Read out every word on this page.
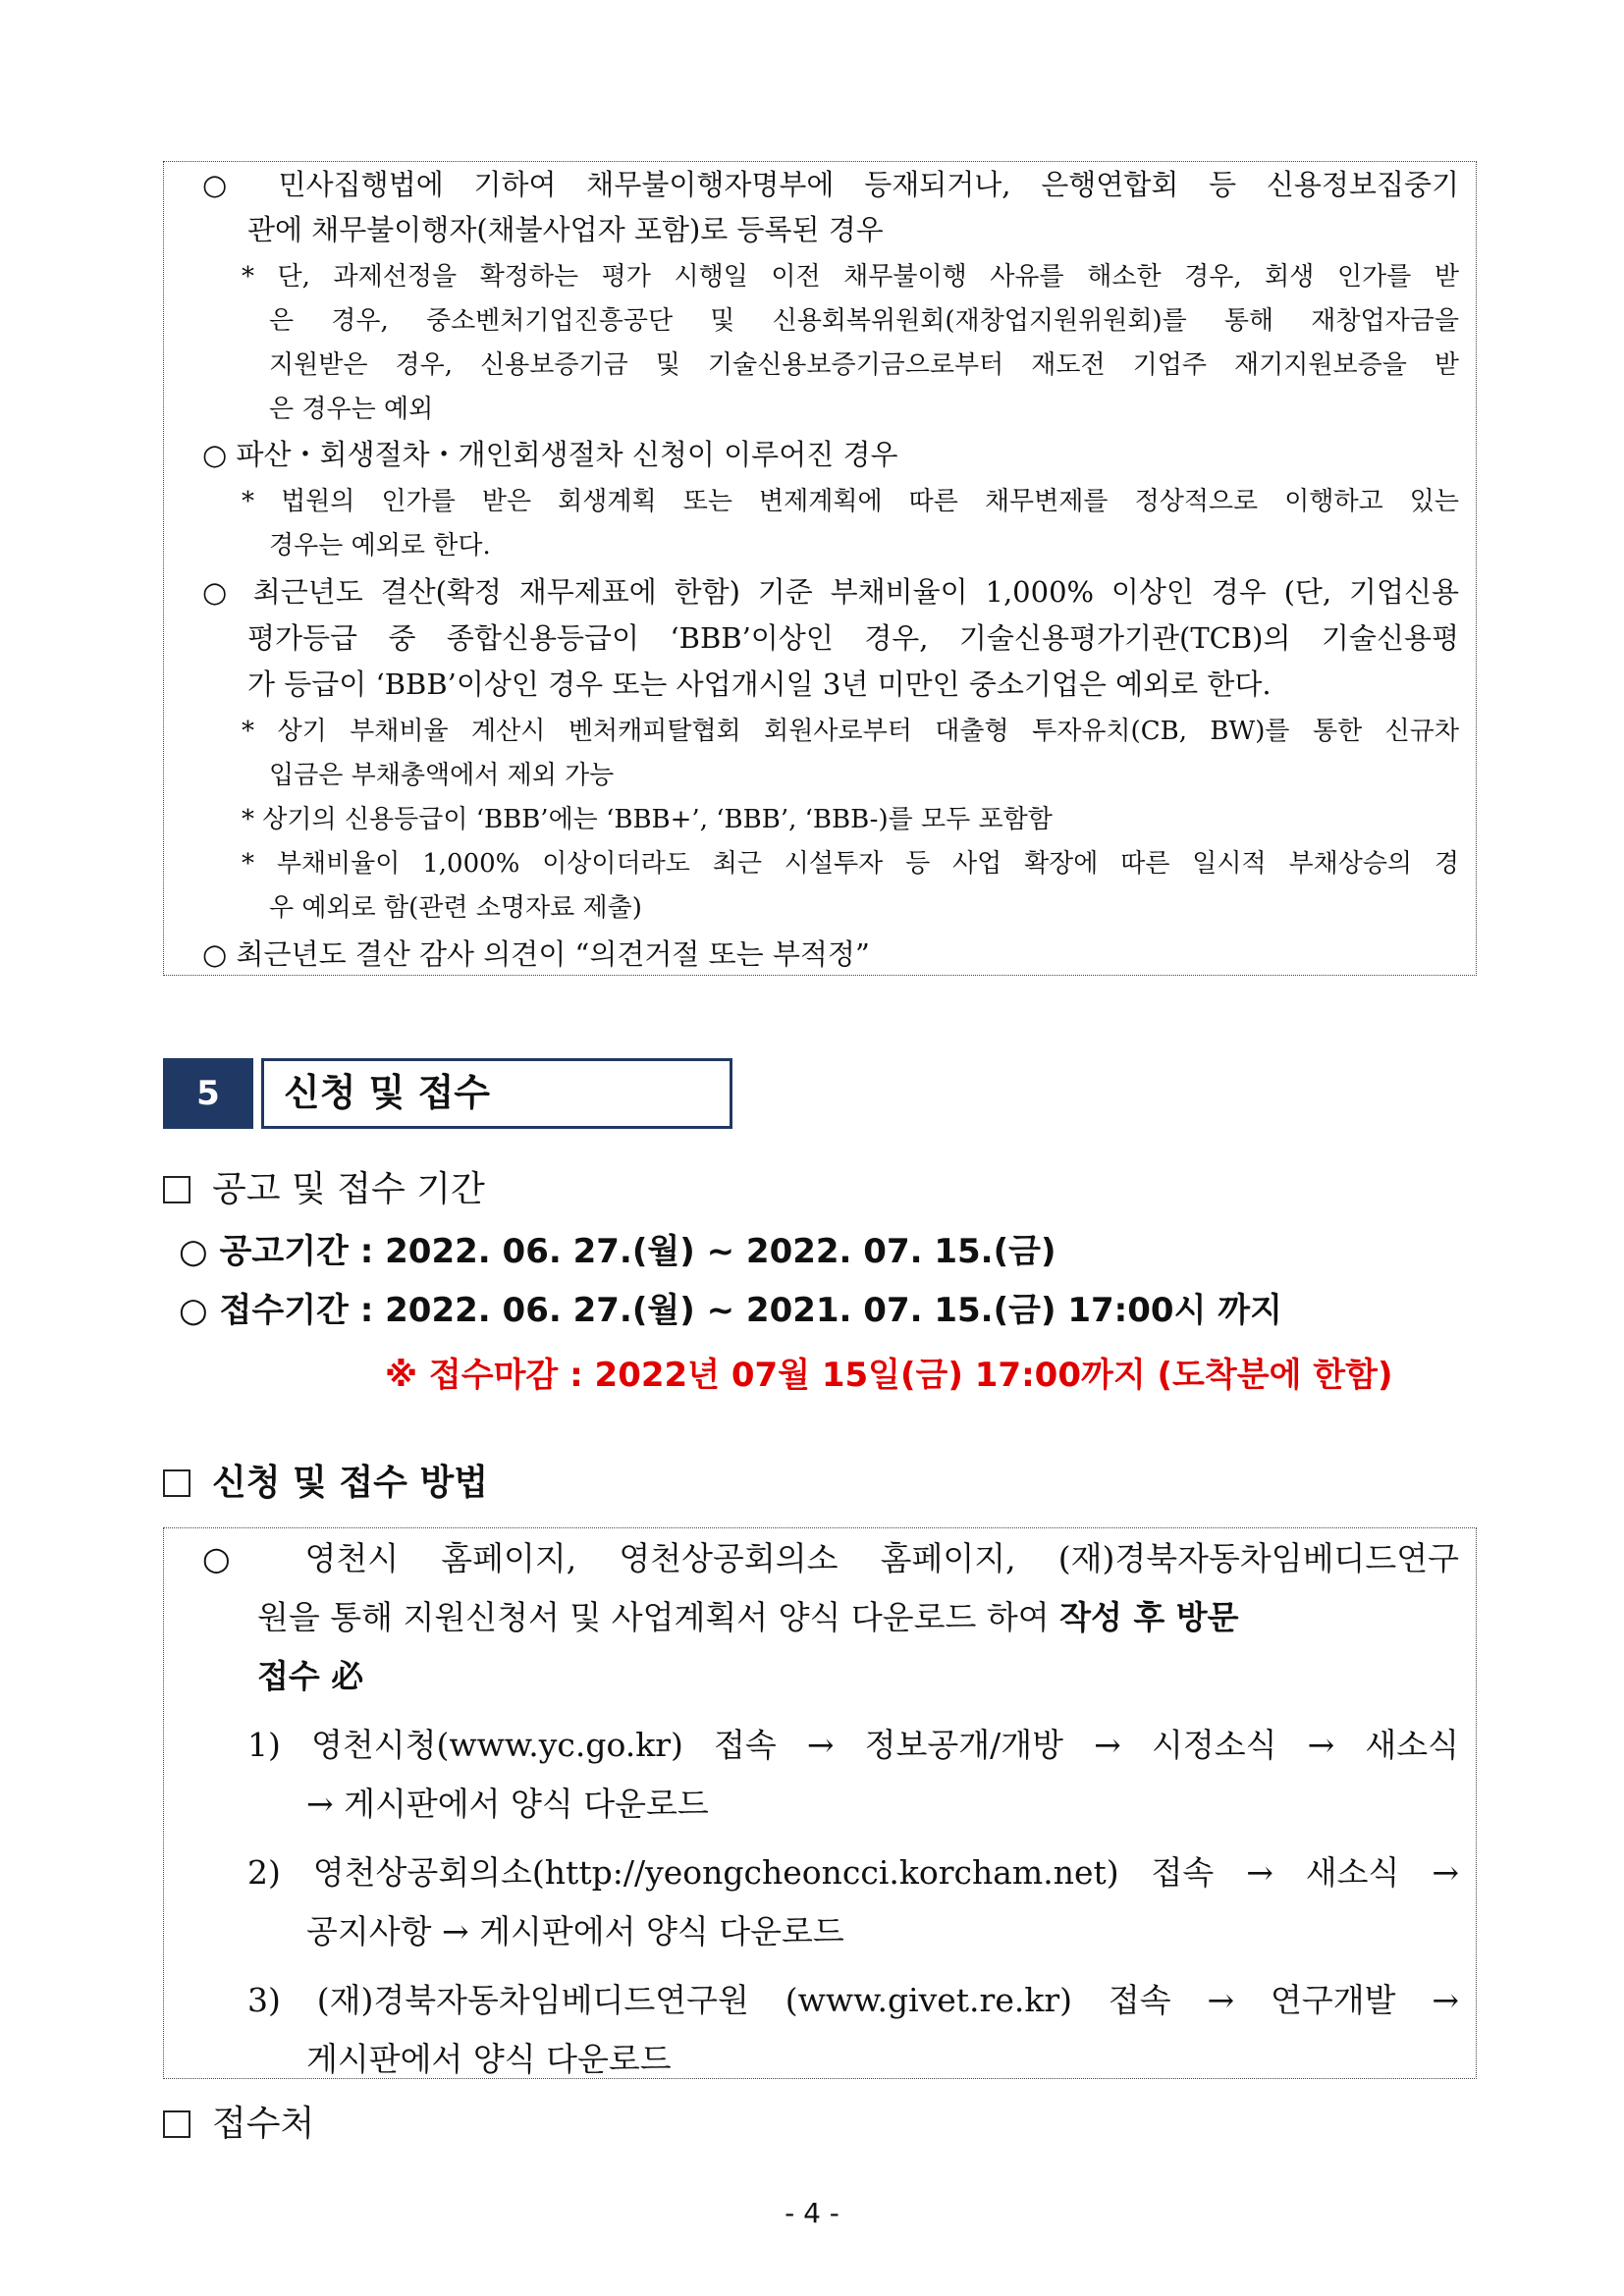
○ 민사집행법에 기하여 채무불이행자명부에 등재되거나, 은행연합회 등 신용정보집중기
관에 채무불이행자(채불사업자 포함)로 등록된 경우
* 단, 과제선정을 확정하는 평가 시행일 이전 채무불이행 사유를 해소한 경우, 회생 인가를 받
은 경우, 중소벤처기업진흥공단 및 신용회복위원회(재창업지원위원회)를 통해 재창업자금을
지원받은 경우, 신용보증기금 및 기술신용보증기금으로부터 재도전 기업주 재기지원보증을 받
은 경우는 예외
○ 파산・회생절차・개인회생절차 신청이 이루어진 경우
* 법원의 인가를 받은 회생계획 또는 변제계획에 따른 채무변제를 정상적으로 이행하고 있는
경우는 예외로 한다.
○ 최근년도 결산(확정 재무제표에 한함) 기준 부채비율이 1,000% 이상인 경우 (단, 기업신용
평가등급 중 종합신용등급이 ‘BBB’이상인 경우, 기술신용평가기관(TCB)의 기술신용평
가 등급이 ‘BBB’이상인 경우 또는 사업개시일 3년 미만인 중소기업은 예외로 한다.
* 상기 부채비율 계산시 벤처캐피탈협회 회원사로부터 대출형 투자유치(CB, BW)를 통한 신규차
입금은 부채총액에서 제외 가능
* 상기의 신용등급이 ‘BBB’에는 ‘BBB+’, ‘BBB’, ‘BBB-)를 모두 포함함
* 부채비율이 1,000% 이상이더라도 최근 시설투자 등 사업 확장에 따른 일시적 부채상승의 경
우 예외로 함(관련 소명자료 제출)
○ 최근년도 결산 감사 의견이 “의견거절 또는 부적정”
5	신청 및 접수
공고 및 접수 기간
○ 공고기간 : 2022. 06. 27.(월) ~ 2022. 07. 15.(금)
○ 접수기간 : 2022. 06. 27.(월) ~ 2021. 07. 15.(금) 17:00시 까지
※ 접수마감 : 2022년 07월 15일(금) 17:00까지 (도착분에 한함)
신청 및 접수 방법
○ 영천시 홈페이지, 영천상공회의소 홈페이지, (재)경북자동차임베디드연구
원을 통해 지원신청서 및 사업계획서 양식 다운로드 하여 작성 후 방문
접수 必
1) 영천시청(www.yc.go.kr) 접속 → 정보공개/개방 → 시정소식 → 새소식
→ 게시판에서 양식 다운로드
2) 영천상공회의소(http://yeongcheoncci.korcham.net) 접속 → 새소식 →
공지사항 → 게시판에서 양식 다운로드
3) (재)경북자동차임베디드연구원 (www.givet.re.kr) 접속 → 연구개발 →
게시판에서 양식 다운로드
접수처
- 4 -
